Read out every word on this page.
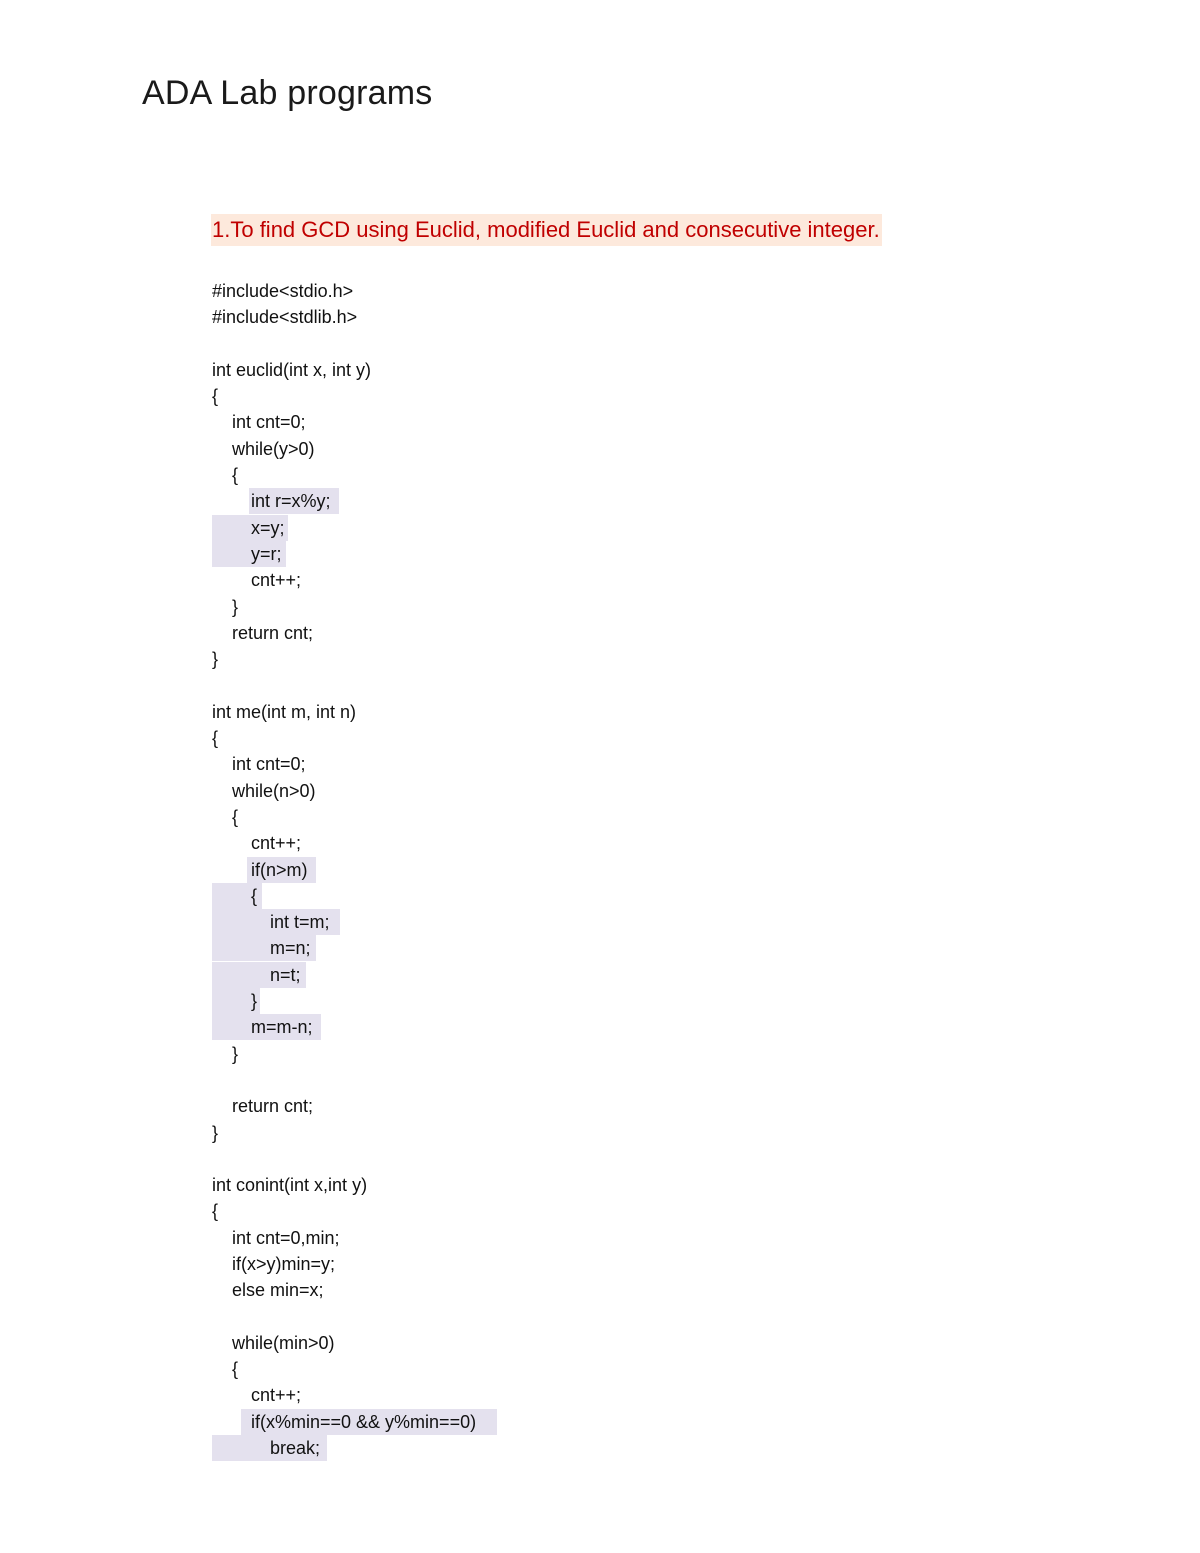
ADA Lab programs
1.To find GCD using Euclid, modified Euclid and consecutive integer.
#include<stdio.h>
#include<stdlib.h>
int euclid(int x, int y)
{
int cnt=0;
while(y>0)
{
int r=x%y;
x=y;
y=r;
cnt++;
}
return cnt;
}
int me(int m, int n)
{
int cnt=0;
while(n>0)
{
cnt++;
if(n>m)
{
int t=m;
m=n;
n=t;
}
m=m-n;
}
return cnt;
}
int conint(int x,int y)
{
int cnt=0,min;
if(x>y)min=y;
else min=x;
while(min>0)
{
cnt++;
if(x%min==0 && y%min==0)
break;
